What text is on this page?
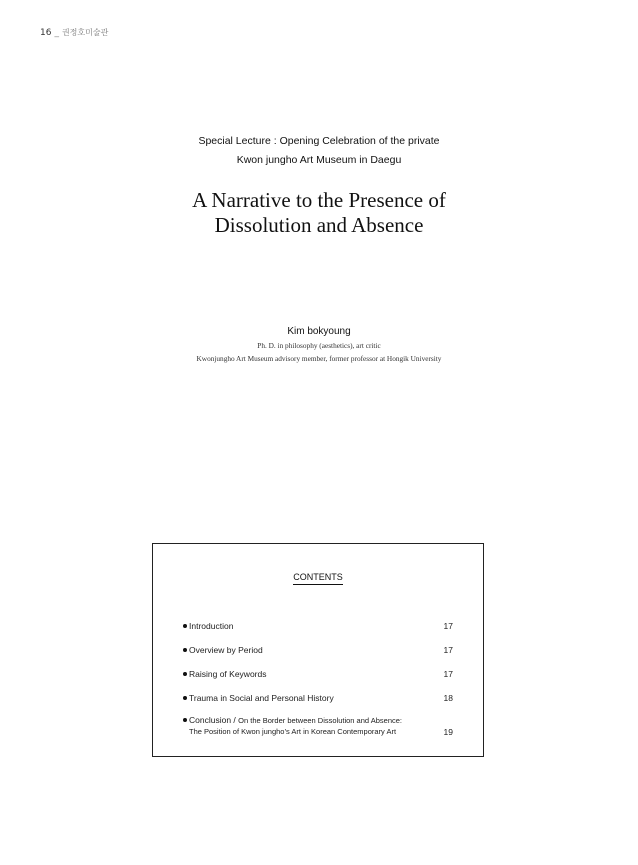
16 _ 권정호미술관
Special Lecture : Opening Celebration of the private
Kwon jungho Art Museum in Daegu
A Narrative to the Presence of
Dissolution and Absence
Kim bokyoung
Ph. D. in philosophy (aesthetics), art critic
Kwonjungho Art Museum advisory member, former professor at Hongik University
CONTENTS
Introduction	17
Overview by Period	17
Raising of Keywords	17
Trauma in Social and Personal History	18
Conclusion / On the Border between Dissolution and Absence:
The Position of Kwon jungho’s Art in Korean Contemporary Art	19
